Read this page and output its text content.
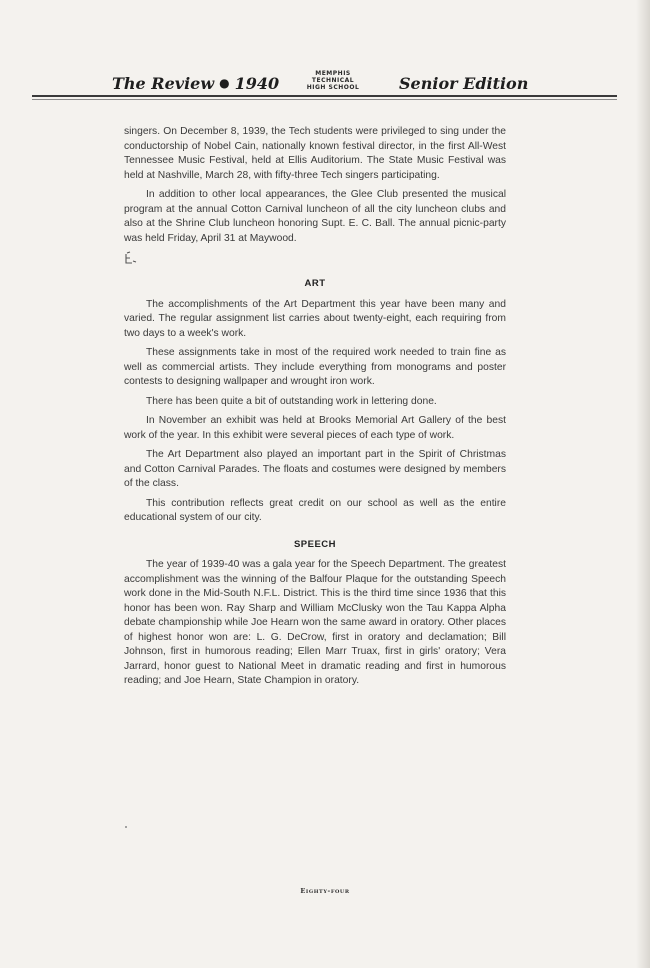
The Review ● 1940
MEMPHIS
TECHNICAL
HIGH SCHOOL	Senior Edition

singers. On December 8, 1939, the Tech students were privileged to sing under the conductorship of Nobel Cain, nationally known festival director, in the first All-West Tennessee Music Festival, held at Ellis Auditorium. The State Music Festival was held at Nashville, March 28, with fifty-three Tech singers participating.

In addition to other local appearances, the Glee Club presented the musical program at the annual Cotton Carnival luncheon of all the city luncheon clubs and also at the Shrine Club luncheon honoring Supt. E. C. Ball. The annual picnic-party was held Friday, April 31 at Maywood.

ART

The accomplishments of the Art Department this year have been many and varied. The regular assignment list carries about twenty-eight, each requiring from two days to a week's work.

These assignments take in most of the required work needed to train fine as well as commercial artists. They include everything from monograms and poster contests to designing wallpaper and wrought iron work.

There has been quite a bit of outstanding work in lettering done.

In November an exhibit was held at Brooks Memorial Art Gallery of the best work of the year. In this exhibit were several pieces of each type of work.

The Art Department also played an important part in the Spirit of Christmas and Cotton Carnival Parades. The floats and costumes were designed by members of the class.

This contribution reflects great credit on our school as well as the entire educational system of our city.

SPEECH

The year of 1939-40 was a gala year for the Speech Department. The greatest accomplishment was the winning of the Balfour Plaque for the outstanding Speech work done in the Mid-South N.F.L. District. This is the third time since 1936 that this honor has been won. Ray Sharp and William McClusky won the Tau Kappa Alpha debate championship while Joe Hearn won the same award in oratory. Other places of highest honor won are: L. G. DeCrow, first in oratory and declamation; Bill Johnson, first in humorous reading; Ellen Marr Truax, first in girls' oratory; Vera Jarrard, honor guest to National Meet in dramatic reading and first in humorous reading; and Joe Hearn, State Champion in oratory.

Eighty-four
